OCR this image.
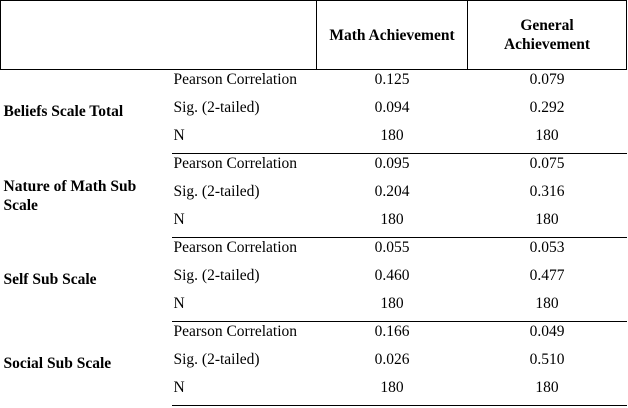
		Math Achievement	General
Achievement
Beliefs Scale Total	Pearson Correlation	0.125	0.079
	Sig. (2-tailed)	0.094	0.292
	N	180	180
Nature of Math Sub
Scale	Pearson Correlation	0.095	0.075
	Sig. (2-tailed)	0.204	0.316
	N	180	180
Self Sub Scale	Pearson Correlation	0.055	0.053
	Sig. (2-tailed)	0.460	0.477
	N	180	180
Social Sub Scale	Pearson Correlation	0.166	0.049
	Sig. (2-tailed)	0.026	0.510
	N	180	180
